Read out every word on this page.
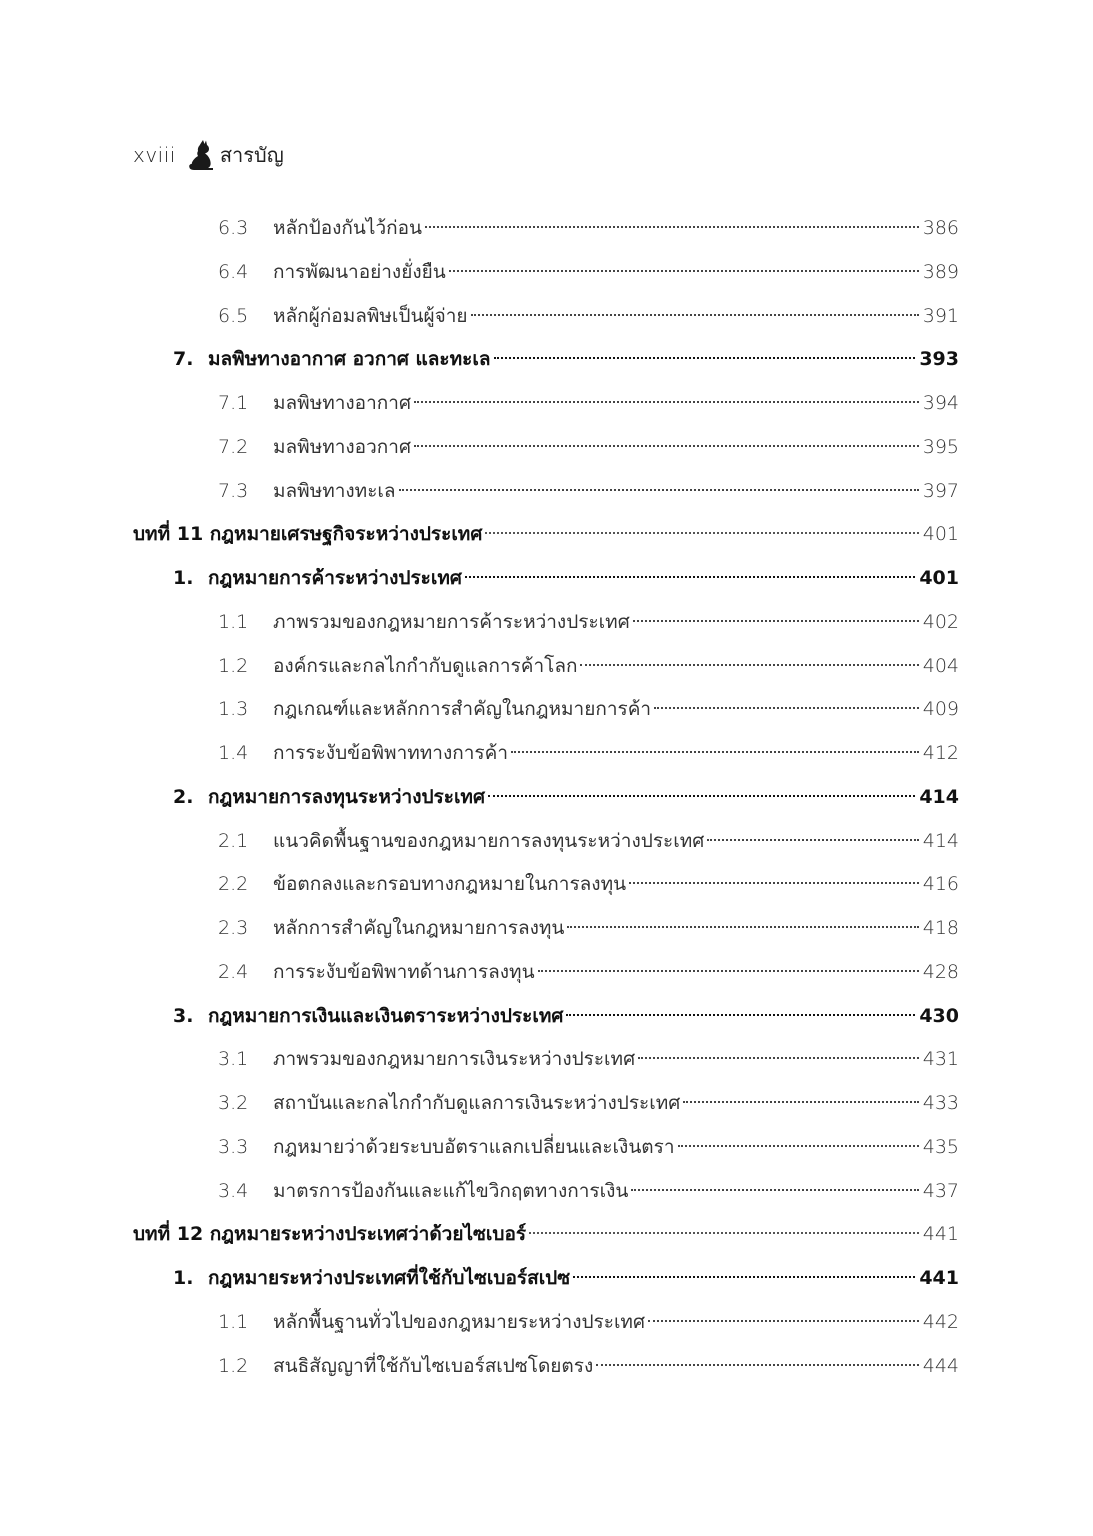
xviii สารบัญ
6.3 หลักป้องกันไว้ก่อน	386
6.4 การพัฒนาอย่างยั่งยืน	389
6.5 หลักผู้ก่อมลพิษเป็นผู้จ่าย	391
7. มลพิษทางอากาศ อวกาศ และทะเล	393
7.1 มลพิษทางอากาศ	394
7.2 มลพิษทางอวกาศ	395
7.3 มลพิษทางทะเล	397
บทที่ 11 กฎหมายเศรษฐกิจระหว่างประเทศ	401
1. กฎหมายการค้าระหว่างประเทศ	401
1.1 ภาพรวมของกฎหมายการค้าระหว่างประเทศ	402
1.2 องค์กรและกลไกกำกับดูแลการค้าโลก	404
1.3 กฎเกณฑ์และหลักการสำคัญในกฎหมายการค้า	409
1.4 การระงับข้อพิพาททางการค้า	412
2. กฎหมายการลงทุนระหว่างประเทศ	414
2.1 แนวคิดพื้นฐานของกฎหมายการลงทุนระหว่างประเทศ	414
2.2 ข้อตกลงและกรอบทางกฎหมายในการลงทุน	416
2.3 หลักการสำคัญในกฎหมายการลงทุน	418
2.4 การระงับข้อพิพาทด้านการลงทุน	428
3. กฎหมายการเงินและเงินตราระหว่างประเทศ	430
3.1 ภาพรวมของกฎหมายการเงินระหว่างประเทศ	431
3.2 สถาบันและกลไกกำกับดูแลการเงินระหว่างประเทศ	433
3.3 กฎหมายว่าด้วยระบบอัตราแลกเปลี่ยนและเงินตรา	435
3.4 มาตรการป้องกันและแก้ไขวิกฤตทางการเงิน	437
บทที่ 12 กฎหมายระหว่างประเทศว่าด้วยไซเบอร์	441
1. กฎหมายระหว่างประเทศที่ใช้กับไซเบอร์สเปซ	441
1.1 หลักพื้นฐานทั่วไปของกฎหมายระหว่างประเทศ	442
1.2 สนธิสัญญาที่ใช้กับไซเบอร์สเปซโดยตรง	444
